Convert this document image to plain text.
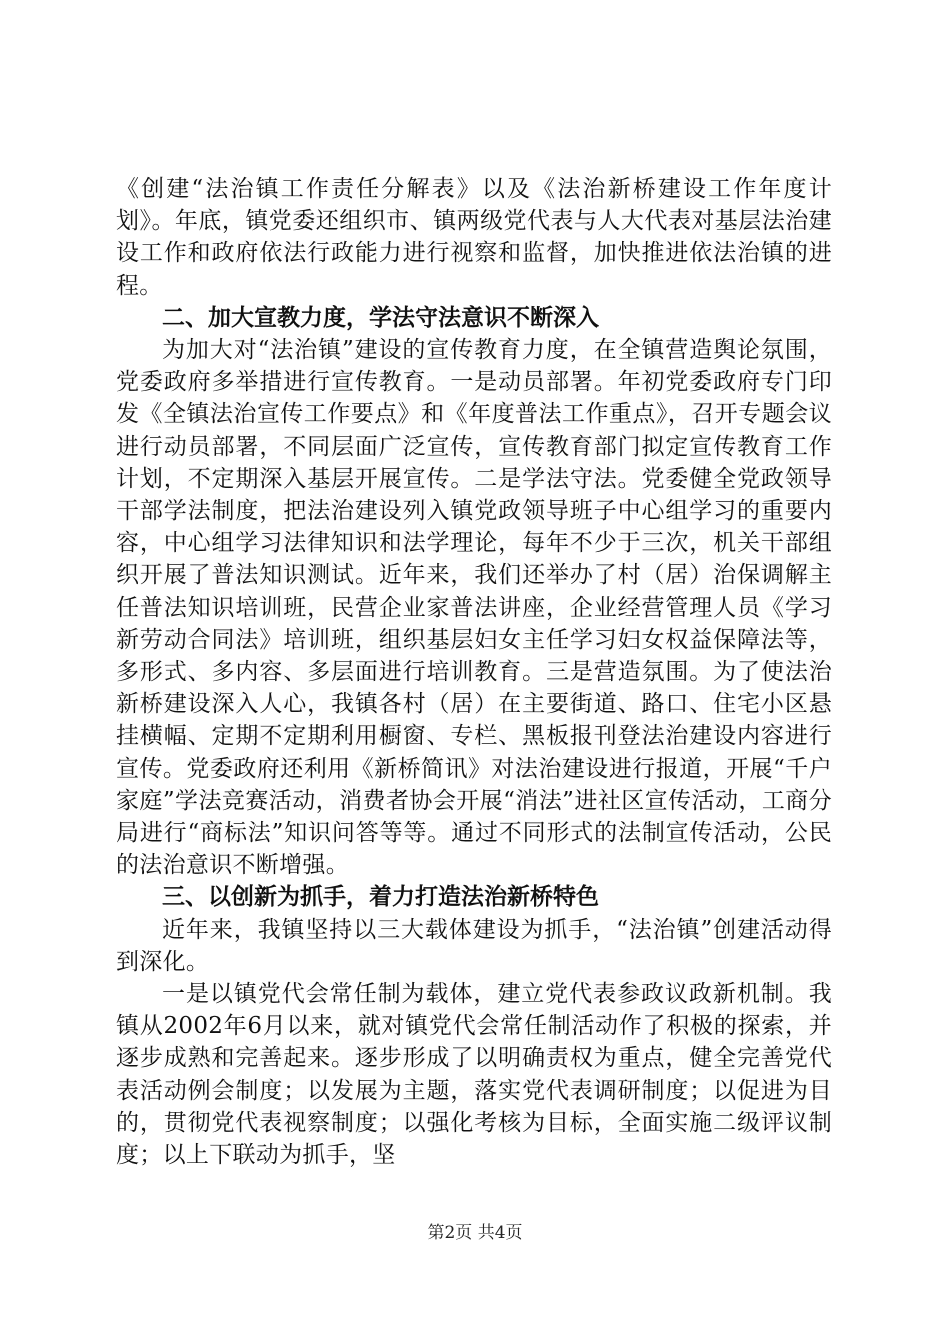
《创建“法治镇工作责任分解表》以及《法治新桥建设工作年度计划》。年底，镇党委还组织市、镇两级党代表与人大代表对基层法治建设工作和政府依法行政能力进行视察和监督，加快推进依法治镇的进程。

二、加大宣教力度，学法守法意识不断深入

为加大对“法治镇”建设的宣传教育力度，在全镇营造舆论氛围，党委政府多举措进行宣传教育。一是动员部署。年初党委政府专门印发《全镇法治宣传工作要点》和《年度普法工作重点》，召开专题会议进行动员部署，不同层面广泛宣传，宣传教育部门拟定宣传教育工作计划，不定期深入基层开展宣传。二是学法守法。党委健全党政领导干部学法制度，把法治建设列入镇党政领导班子中心组学习的重要内容，中心组学习法律知识和法学理论，每年不少于三次，机关干部组织开展了普法知识测试。近年来，我们还举办了村（居）治保调解主任普法知识培训班，民营企业家普法讲座，企业经营管理人员《学习新劳动合同法》培训班，组织基层妇女主任学习妇女权益保障法等，多形式、多内容、多层面进行培训教育。三是营造氛围。为了使法治新桥建设深入人心，我镇各村（居）在主要街道、路口、住宅小区悬挂横幅、定期不定期利用橱窗、专栏、黑板报刊登法治建设内容进行宣传。党委政府还利用《新桥简讯》对法治建设进行报道，开展“千户家庭”学法竞赛活动，消费者协会开展“消法”进社区宣传活动，工商分局进行“商标法”知识问答等等。通过不同形式的法制宣传活动，公民的法治意识不断增强。

三、以创新为抓手，着力打造法治新桥特色

近年来，我镇坚持以三大载体建设为抓手，“法治镇”创建活动得到深化。

一是以镇党代会常任制为载体，建立党代表参政议政新机制。我镇从2002年6月以来，就对镇党代会常任制活动作了积极的探索，并逐步成熟和完善起来。逐步形成了以明确责权为重点，健全完善党代表活动例会制度；以发展为主题，落实党代表调研制度；以促进为目的，贯彻党代表视察制度；以强化考核为目标，全面实施二级评议制度；以上下联动为抓手，坚

第2页 共4页
